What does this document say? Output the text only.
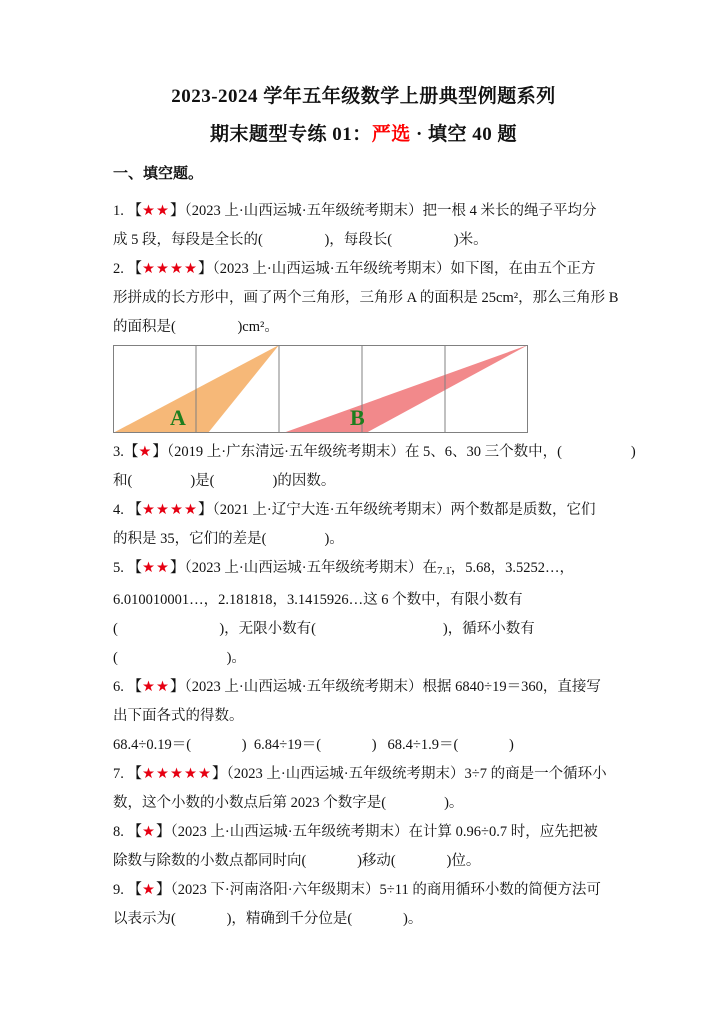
2023-2024 学年五年级数学上册典型例题系列
期末题型专练 01：严选 · 填空 40 题
一、填空题。
1. 【★★】（2023 上·山西运城·五年级统考期末）把一根 4 米长的绳子平均分
成 5 段，每段是全长的(                 )，每段长(                 )米。
2. 【★★★★】（2023 上·山西运城·五年级统考期末）如下图，在由五个正方
形拼成的长方形中，画了两个三角形，三角形 A 的面积是 25cm²，那么三角形 B
的面积是(                 )cm²。
A	B
3.【★】（2019 上·广东清远·五年级统考期末）在 5、6、30 三个数中，(                   )
和(                )是(                )的因数。
4. 【★★★★】（2021 上·辽宁大连·五年级统考期末）两个数都是质数，它们
的积是 35，它们的差是(                )。
5. 【★★】（2023 上·山西运城·五年级统考期末）在7.1̇，5.68，3.5252…，
6.010010001…，2.181818，3.1415926…这 6 个数中，有限小数有
(                            )，无限小数有(                                   )，循环小数有
(                              )。
6. 【★★】（2023 上·山西运城·五年级统考期末）根据 6840÷19＝360，直接写
出下面各式的得数。
68.4÷0.19＝(              )  6.84÷19＝(              )   68.4÷1.9＝(              )
7. 【★★★★★】（2023 上·山西运城·五年级统考期末）3÷7 的商是一个循环小
数，这个小数的小数点后第 2023 个数字是(                )。
8. 【★】（2023 上·山西运城·五年级统考期末）在计算 0.96÷0.7 时，应先把被
除数与除数的小数点都同时向(              )移动(              )位。
9. 【★】（2023 下·河南洛阳·六年级期末）5÷11 的商用循环小数的简便方法可
以表示为(              )，精确到千分位是(              )。
